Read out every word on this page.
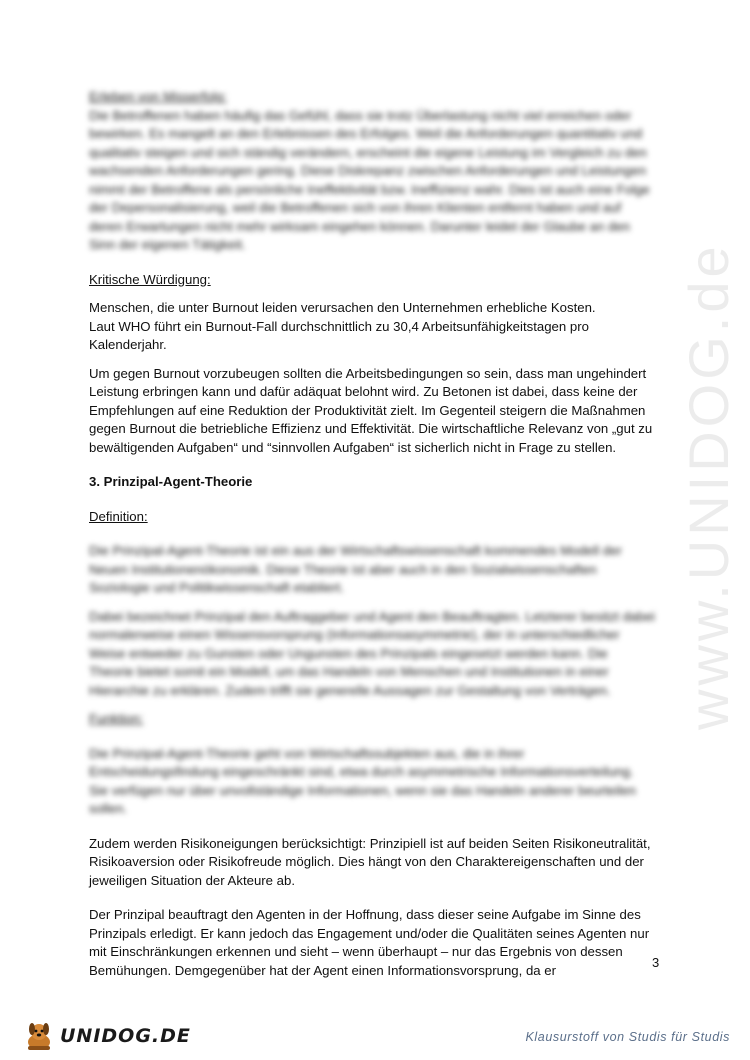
www.UNIDOG.de

Erleben von Misserfolg:

Die Betroffenen haben häufig das Gefühl, dass sie trotz Überlastung nicht viel erreichen oder bewirken. Es mangelt an den Erlebnissen des Erfolges. Weil die Anforderungen quantitativ und qualitativ steigen und sich ständig verändern, erscheint die eigene Leistung im Vergleich zu den wachsenden Anforderungen gering. Diese Diskrepanz zwischen Anforderungen und Leistungen nimmt der Betroffene als persönliche Ineffektivität bzw. Ineffizienz wahr. Dies ist auch eine Folge der Depersonalisierung, weil die Betroffenen sich von ihren Klienten entfernt haben und auf deren Erwartungen nicht mehr wirksam eingehen können. Darunter leidet der Glaube an den Sinn der eigenen Tätigkeit.

Kritische Würdigung:

Menschen, die unter Burnout leiden verursachen den Unternehmen erhebliche Kosten.

Laut WHO führt ein Burnout-Fall durchschnittlich zu 30,4 Arbeitsunfähigkeitstagen pro Kalenderjahr.

Um gegen Burnout vorzubeugen sollten die Arbeitsbedingungen so sein, dass man ungehindert Leistung erbringen kann und dafür adäquat belohnt wird. Zu Betonen ist dabei, dass keine der Empfehlungen auf eine Reduktion der Produktivität zielt. Im Gegenteil steigern die Maßnahmen gegen Burnout die betriebliche Effizienz und Effektivität. Die wirtschaftliche Relevanz von „gut zu bewältigenden Aufgaben“ und “sinnvollen Aufgaben“ ist sicherlich nicht in Frage zu stellen.

3. Prinzipal-Agent-Theorie

Definition:

Die Prinzipal-Agent-Theorie ist ein aus der Wirtschaftswissenschaft kommendes Modell der Neuen Institutionenökonomik. Diese Theorie ist aber auch in den Sozialwissenschaften Soziologie und Politikwissenschaft etabliert.

Dabei bezeichnet Prinzipal den Auftraggeber und Agent den Beauftragten. Letzterer besitzt dabei normalerweise einen Wissensvorsprung (Informationsasymmetrie), der in unterschiedlicher Weise entweder zu Gunsten oder Ungunsten des Prinzipals eingesetzt werden kann. Die Theorie bietet somit ein Modell, um das Handeln von Menschen und Institutionen in einer Hierarchie zu erklären. Zudem trifft sie generelle Aussagen zur Gestaltung von Verträgen.

Funktion:

Die Prinzipal-Agent-Theorie geht von Wirtschaftssubjekten aus, die in ihrer Entscheidungsfindung eingeschränkt sind, etwa durch asymmetrische Informationsverteilung. Sie verfügen nur über unvollständige Informationen, wenn sie das Handeln anderer beurteilen sollen.

Zudem werden Risikoneigungen berücksichtigt: Prinzipiell ist auf beiden Seiten Risikoneutralität, Risikoaversion oder Risikofreude möglich. Dies hängt von den Charaktereigenschaften und der jeweiligen Situation der Akteure ab.

Der Prinzipal beauftragt den Agenten in der Hoffnung, dass dieser seine Aufgabe im Sinne des Prinzipals erledigt. Er kann jedoch das Engagement und/oder die Qualitäten seines Agenten nur mit Einschränkungen erkennen und sieht – wenn überhaupt – nur das Ergebnis von dessen Bemühungen. Demgegenüber hat der Agent einen Informationsvorsprung, da er	3
UNIDOG.DE	Klausurstoff von Studis für Studis
